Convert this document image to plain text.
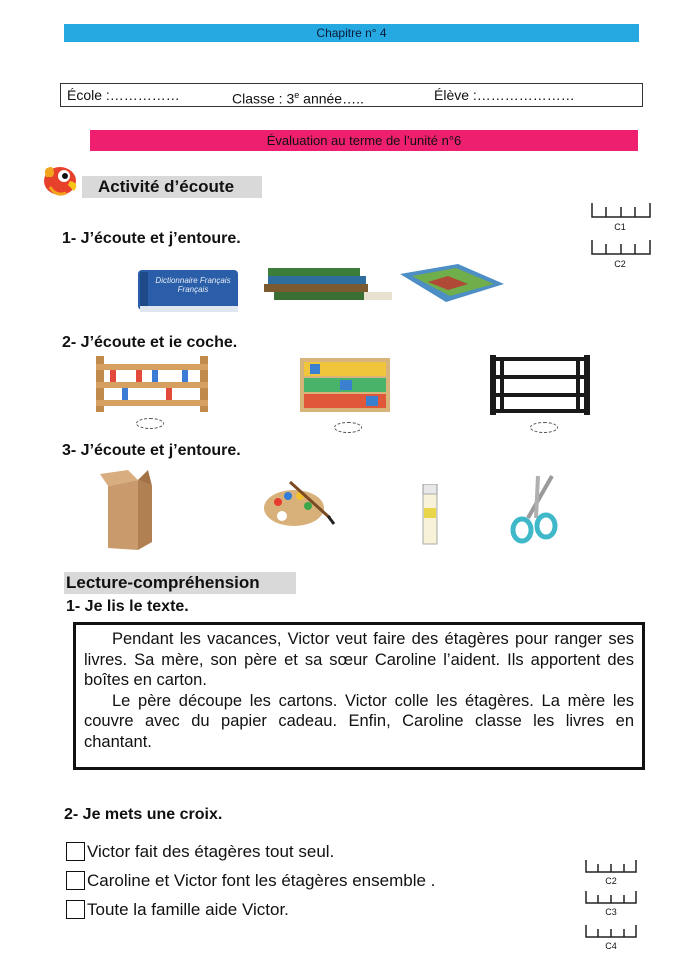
Chapitre n° 4
École :……………	Classe : 3e année…..	Élève :…………………
Évaluation au terme de l’unité n°6
Activité d’écoute
C1
C2
1- J’écoute et j’entoure.
Dictionnaire Français Français
2- J’écoute et ie coche.
3- J’écoute et j’entoure.
Lecture-compréhension
1- Je lis le texte.

Pendant les vacances, Victor veut faire des étagères pour ranger ses livres. Sa mère, son père et sa sœur Caroline l’aident. Ils apportent des boîtes en carton.

Le père découpe les cartons. Victor colle les étagères. La mère les couvre avec du papier cadeau. Enfin, Caroline classe les livres en chantant.

2- Je mets une croix.
Victor fait des étagères tout seul.
Caroline et Victor font les étagères ensemble .
Toute la famille aide Victor.
C2
C3
C4
